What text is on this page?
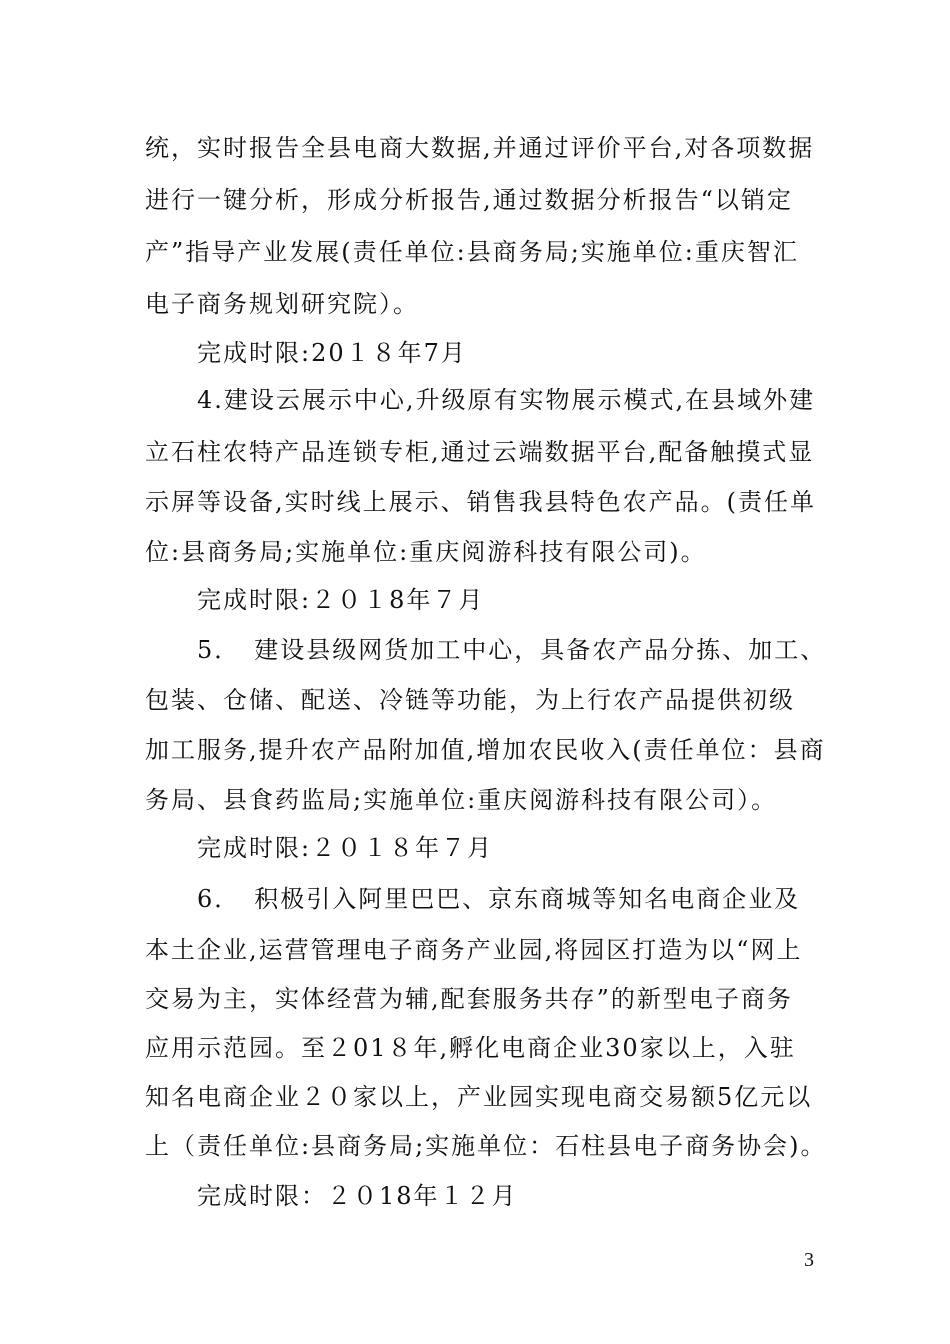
统，实时报告全县电商大数据,并通过评价平台,对各项数据
进行一键分析，形成分析报告,通过数据分析报告“以销定
产”指导产业发展(责任单位:县商务局;实施单位:重庆智汇
电子商务规划研究院）。
完成时限:20１８年7月
4.建设云展示中心,升级原有实物展示模式,在县域外建
立石柱农特产品连锁专柜,通过云端数据平台,配备触摸式显
示屏等设备,实时线上展示、销售我县特色农产品。(责任单
位:县商务局;实施单位:重庆阅游科技有限公司)。
完成时限:２０１8年７月
5．　建设县级网货加工中心，具备农产品分拣、加工、
包装、仓储、配送、冷链等功能，为上行农产品提供初级
加工服务,提升农产品附加值,增加农民收入(责任单位：县商
务局、县食药监局;实施单位:重庆阅游科技有限公司）。
完成时限:２０１８年７月
6．　积极引入阿里巴巴、京东商城等知名电商企业及
本土企业,运营管理电子商务产业园,将园区打造为以“网上
交易为主，实体经营为辅,配套服务共存”的新型电子商务
应用示范园。至２01８年,孵化电商企业30家以上，入驻
知名电商企业２０家以上，产业园实现电商交易额5亿元以
上（责任单位:县商务局;实施单位：石柱县电子商务协会)。
完成时限：２０18年１２月
3
